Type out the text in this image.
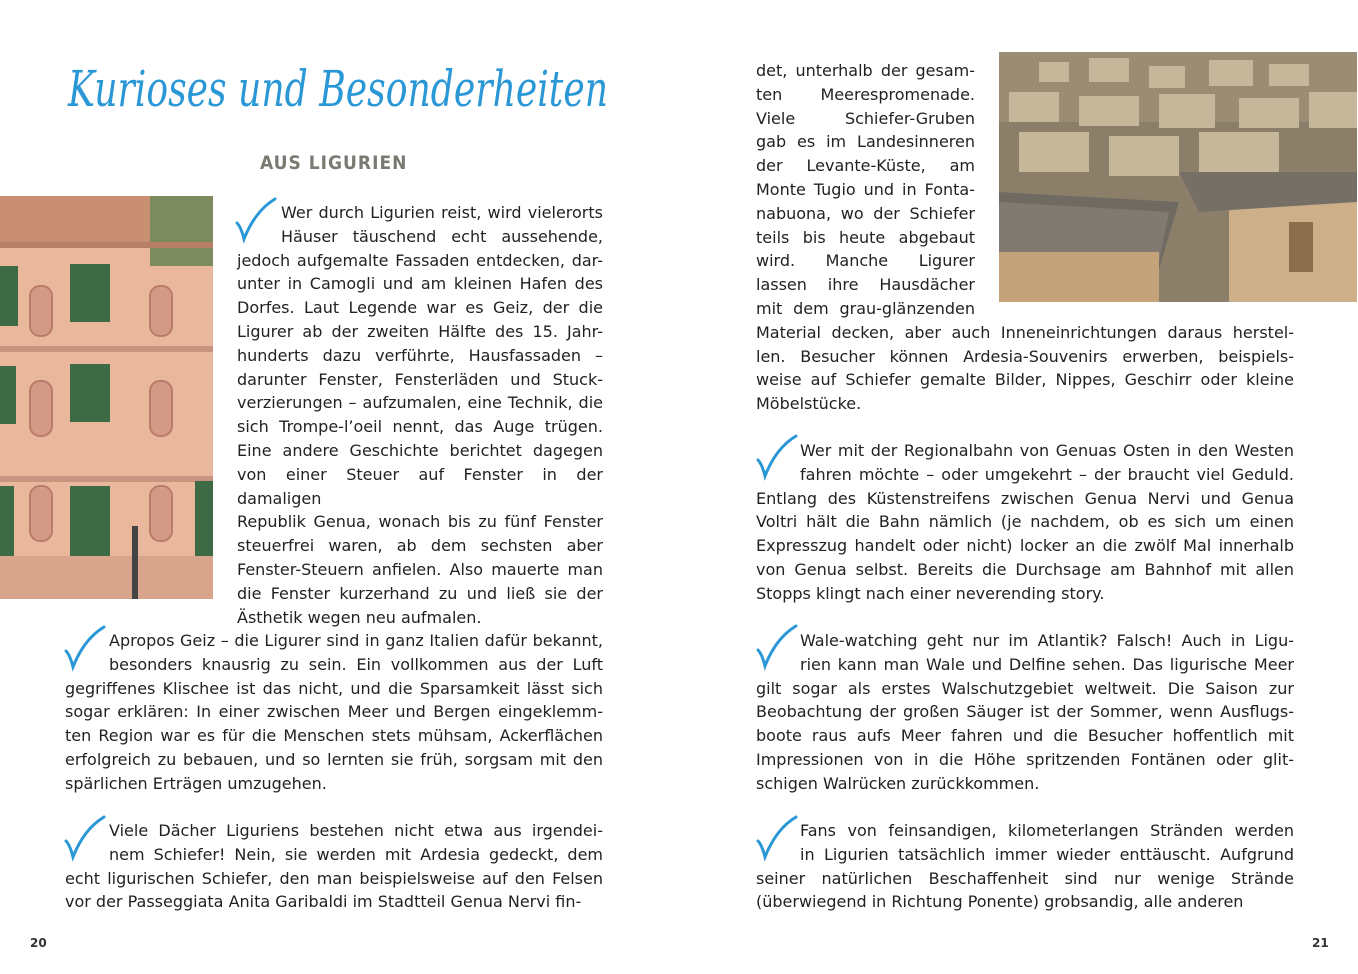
Kurioses und Besonderheiten
AUS LIGURIEN

Wer durch Ligurien reist, wird vielerorts

Häuser täuschend echt aussehende,

jedoch aufgemalte Fassaden entdecken, dar-

unter in Camogli und am kleinen Hafen des

Dorfes. Laut Legende war es Geiz, der die

Ligurer ab der zweiten Hälfte des 15. Jahr-

hunderts dazu verführte, Hausfassaden –

darunter Fenster, Fensterläden und Stuck-

verzierungen – aufzumalen, eine Technik, die

sich Trompe-l’oeil nennt, das Auge trügen.

Eine andere Geschichte berichtet dagegen

von einer Steuer auf Fenster in der damaligen

Republik Genua, wonach bis zu fünf Fenster

steuerfrei waren, ab dem sechsten aber

Fenster-Steuern anfielen. Also mauerte man

die Fenster kurzerhand zu und ließ sie der

Ästhetik wegen neu aufmalen.

Apropos Geiz – die Ligurer sind in ganz Italien dafür bekannt,

besonders knausrig zu sein. Ein vollkommen aus der Luft

gegriffenes Klischee ist das nicht, und die Sparsamkeit lässt sich

sogar erklären: In einer zwischen Meer und Bergen eingeklemm-

ten Region war es für die Menschen stets mühsam, Ackerflächen

erfolgreich zu bebauen, und so lernten sie früh, sorgsam mit den

spärlichen Erträgen umzugehen.

Viele Dächer Liguriens bestehen nicht etwa aus irgendei-

nem Schiefer! Nein, sie werden mit Ardesia gedeckt, dem

echt ligurischen Schiefer, den man beispielsweise auf den Felsen

vor der Passeggiata Anita Garibaldi im Stadtteil Genua Nervi fin-

20

det, unterhalb der gesam-

ten Meerespromenade.

Viele Schiefer-Gruben

gab es im Landesinneren

der Levante-Küste, am

Monte Tugio und in Fonta-

nabuona, wo der Schiefer

teils bis heute abgebaut

wird. Manche Ligurer

lassen ihre Hausdächer

mit dem grau-glänzenden

Material decken, aber auch Inneneinrichtungen daraus herstel-

len. Besucher können Ardesia-Souvenirs erwerben, beispiels-

weise auf Schiefer gemalte Bilder, Nippes, Geschirr oder kleine

Möbelstücke.

Wer mit der Regionalbahn von Genuas Osten in den Westen

fahren möchte – oder umgekehrt – der braucht viel Geduld.

Entlang des Küstenstreifens zwischen Genua Nervi und Genua

Voltri hält die Bahn nämlich (je nachdem, ob es sich um einen

Expresszug handelt oder nicht) locker an die zwölf Mal innerhalb

von Genua selbst. Bereits die Durchsage am Bahnhof mit allen

Stopps klingt nach einer neverending story.

Wale-watching geht nur im Atlantik? Falsch! Auch in Ligu-

rien kann man Wale und Delfine sehen. Das ligurische Meer

gilt sogar als erstes Walschutzgebiet weltweit. Die Saison zur

Beobachtung der großen Säuger ist der Sommer, wenn Ausflugs-

boote raus aufs Meer fahren und die Besucher hoffentlich mit

Impressionen von in die Höhe spritzenden Fontänen oder glit-

schigen Walrücken zurückkommen.

Fans von feinsandigen, kilometerlangen Stränden werden

in Ligurien tatsächlich immer wieder enttäuscht. Aufgrund

seiner natürlichen Beschaffenheit sind nur wenige Strände

(überwiegend in Richtung Ponente) grobsandig, alle anderen

21
